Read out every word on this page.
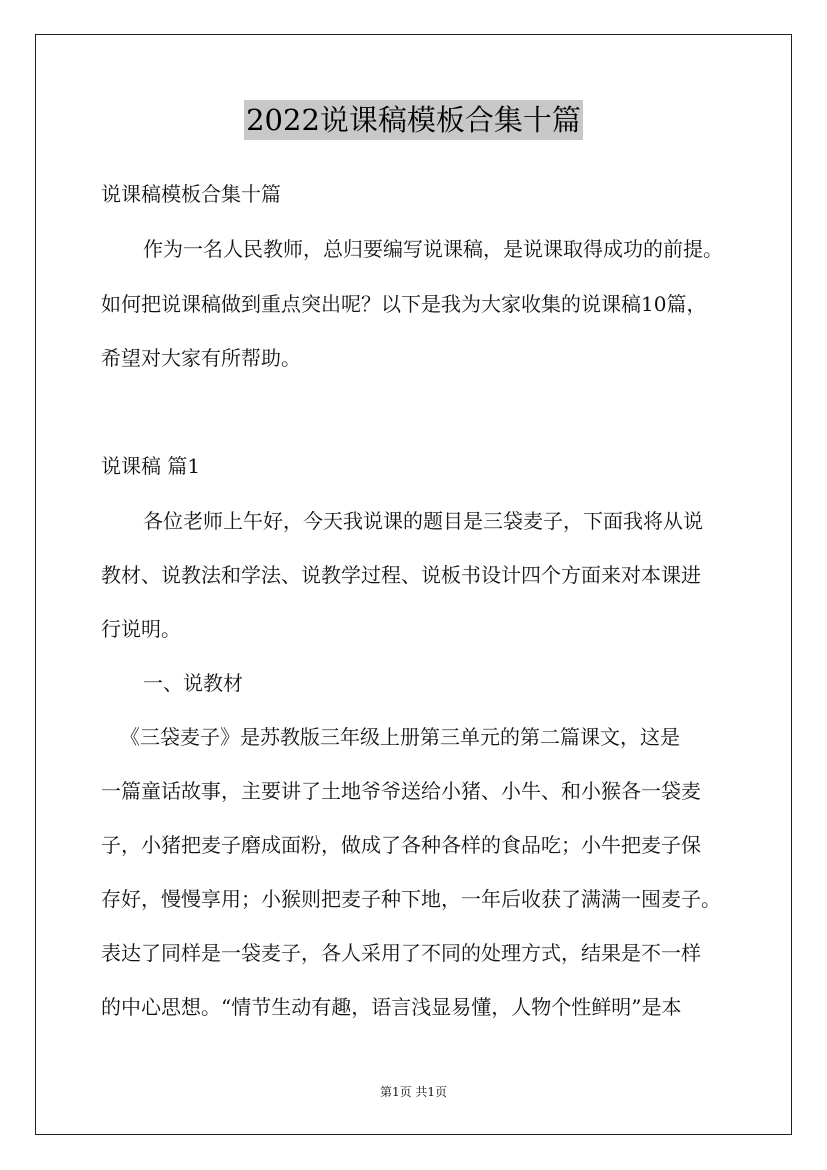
2022说课稿模板合集十篇
说课稿模板合集十篇
作为一名人民教师，总归要编写说课稿，是说课取得成功的前提。
如何把说课稿做到重点突出呢？以下是我为大家收集的说课稿10篇，
希望对大家有所帮助。
说课稿 篇1
各位老师上午好，今天我说课的题目是三袋麦子，下面我将从说
教材、说教法和学法、说教学过程、说板书设计四个方面来对本课进
行说明。
一、说教材
《三袋麦子》是苏教版三年级上册第三单元的第二篇课文，这是
一篇童话故事，主要讲了土地爷爷送给小猪、小牛、和小猴各一袋麦
子，小猪把麦子磨成面粉，做成了各种各样的食品吃；小牛把麦子保
存好，慢慢享用；小猴则把麦子种下地，一年后收获了满满一囤麦子。
表达了同样是一袋麦子，各人采用了不同的处理方式，结果是不一样
的中心思想。“情节生动有趣，语言浅显易懂，人物个性鲜明”是本
第1页 共1页
